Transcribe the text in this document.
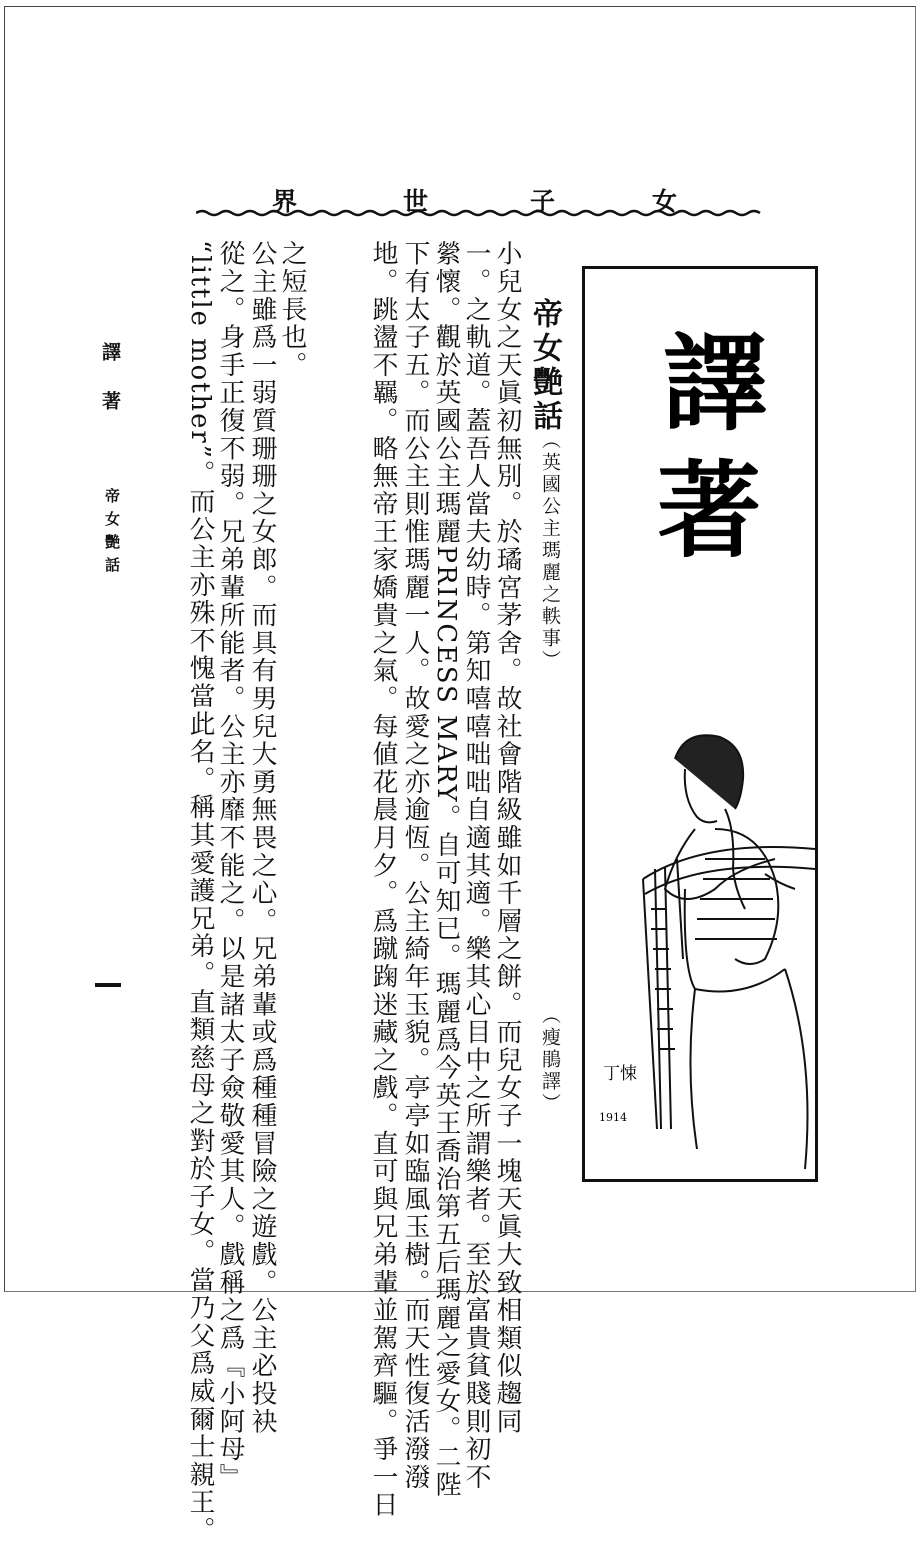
女
子
世
界
譯
著
丁悚
1914
帝女艷話
（英國公主瑪麗之軼事）
（瘦鵑譯）
小兒女之天眞初無別。於璚宮茅舍。故社會階級雖如千層之餅。而兒女子一塊天眞大致相類似趨同
一。之軌道。蓋吾人當夫幼時。第知嘻嘻咄咄自適其適。樂其心目中之所謂樂者。至於富貴貧賤則初不
縈懷。觀於英國公主瑪麗PRINCESS MARY。自可知已。瑪麗爲今英王喬治第五后瑪麗之愛女。二陛
下有太子五。而公主則惟瑪麗一人。故愛之亦逾恆。公主綺年玉貌。亭亭如臨風玉樹。而天性復活潑潑
地。跳盪不羈。略無帝王家嬌貴之氣。每値花晨月夕。爲蹴踘迷藏之戲。直可與兄弟輩並駕齊驅。爭一日
之短長也。
公主雖爲一弱質珊珊之女郎。而具有男兒大勇無畏之心。兄弟輩或爲種種冒險之遊戲。公主必投袂
從之。身手正復不弱。兄弟輩所能者。公主亦靡不能之。以是諸太子僉敬愛其人。戲稱之爲『小阿母』
“little mother”。而公主亦殊不愧當此名。稱其愛護兄弟。直類慈母之對於子女。當乃父爲威爾士親王。
譯著
帝女艷話
